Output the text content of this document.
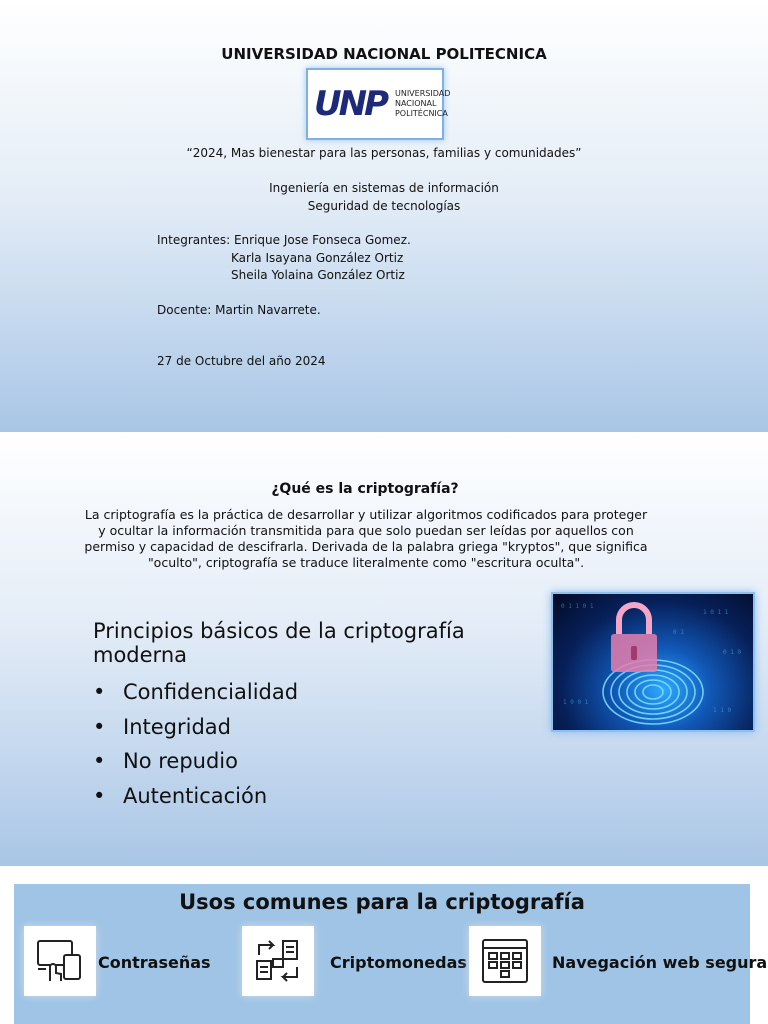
UNIVERSIDAD NACIONAL POLITECNICA
UNP UNIVERSIDAD
NACIONAL
POLITÉCNICA
“2024, Mas bienestar para las personas, familias y comunidades”
Ingeniería en sistemas de información
Seguridad de tecnologías
Integrantes: Enrique Jose Fonseca Gomez.
Karla Isayana González Ortiz
Sheila Yolaina González Ortiz
Docente: Martin Navarrete.
27 de Octubre del año 2024
¿Qué es la criptografía?
La criptografía es la práctica de desarrollar y utilizar algoritmos codificados para proteger y ocultar la información transmitida para que solo puedan ser leídas por aquellos con permiso y capacidad de descifrarla. Derivada de la palabra griega "kryptos", que significa "oculto", criptografía se traduce literalmente como "escritura oculta".
Principios básicos de la criptografía moderna
• Confidencialidad
• Integridad
• No repudio
• Autenticación
0 1 1 0 1
1 0 1 1
0 1 0
1 0 0 1
1 1 0
0 1
Usos comunes para la criptografía
Contraseñas	Criptomonedas	Navegación web segura
